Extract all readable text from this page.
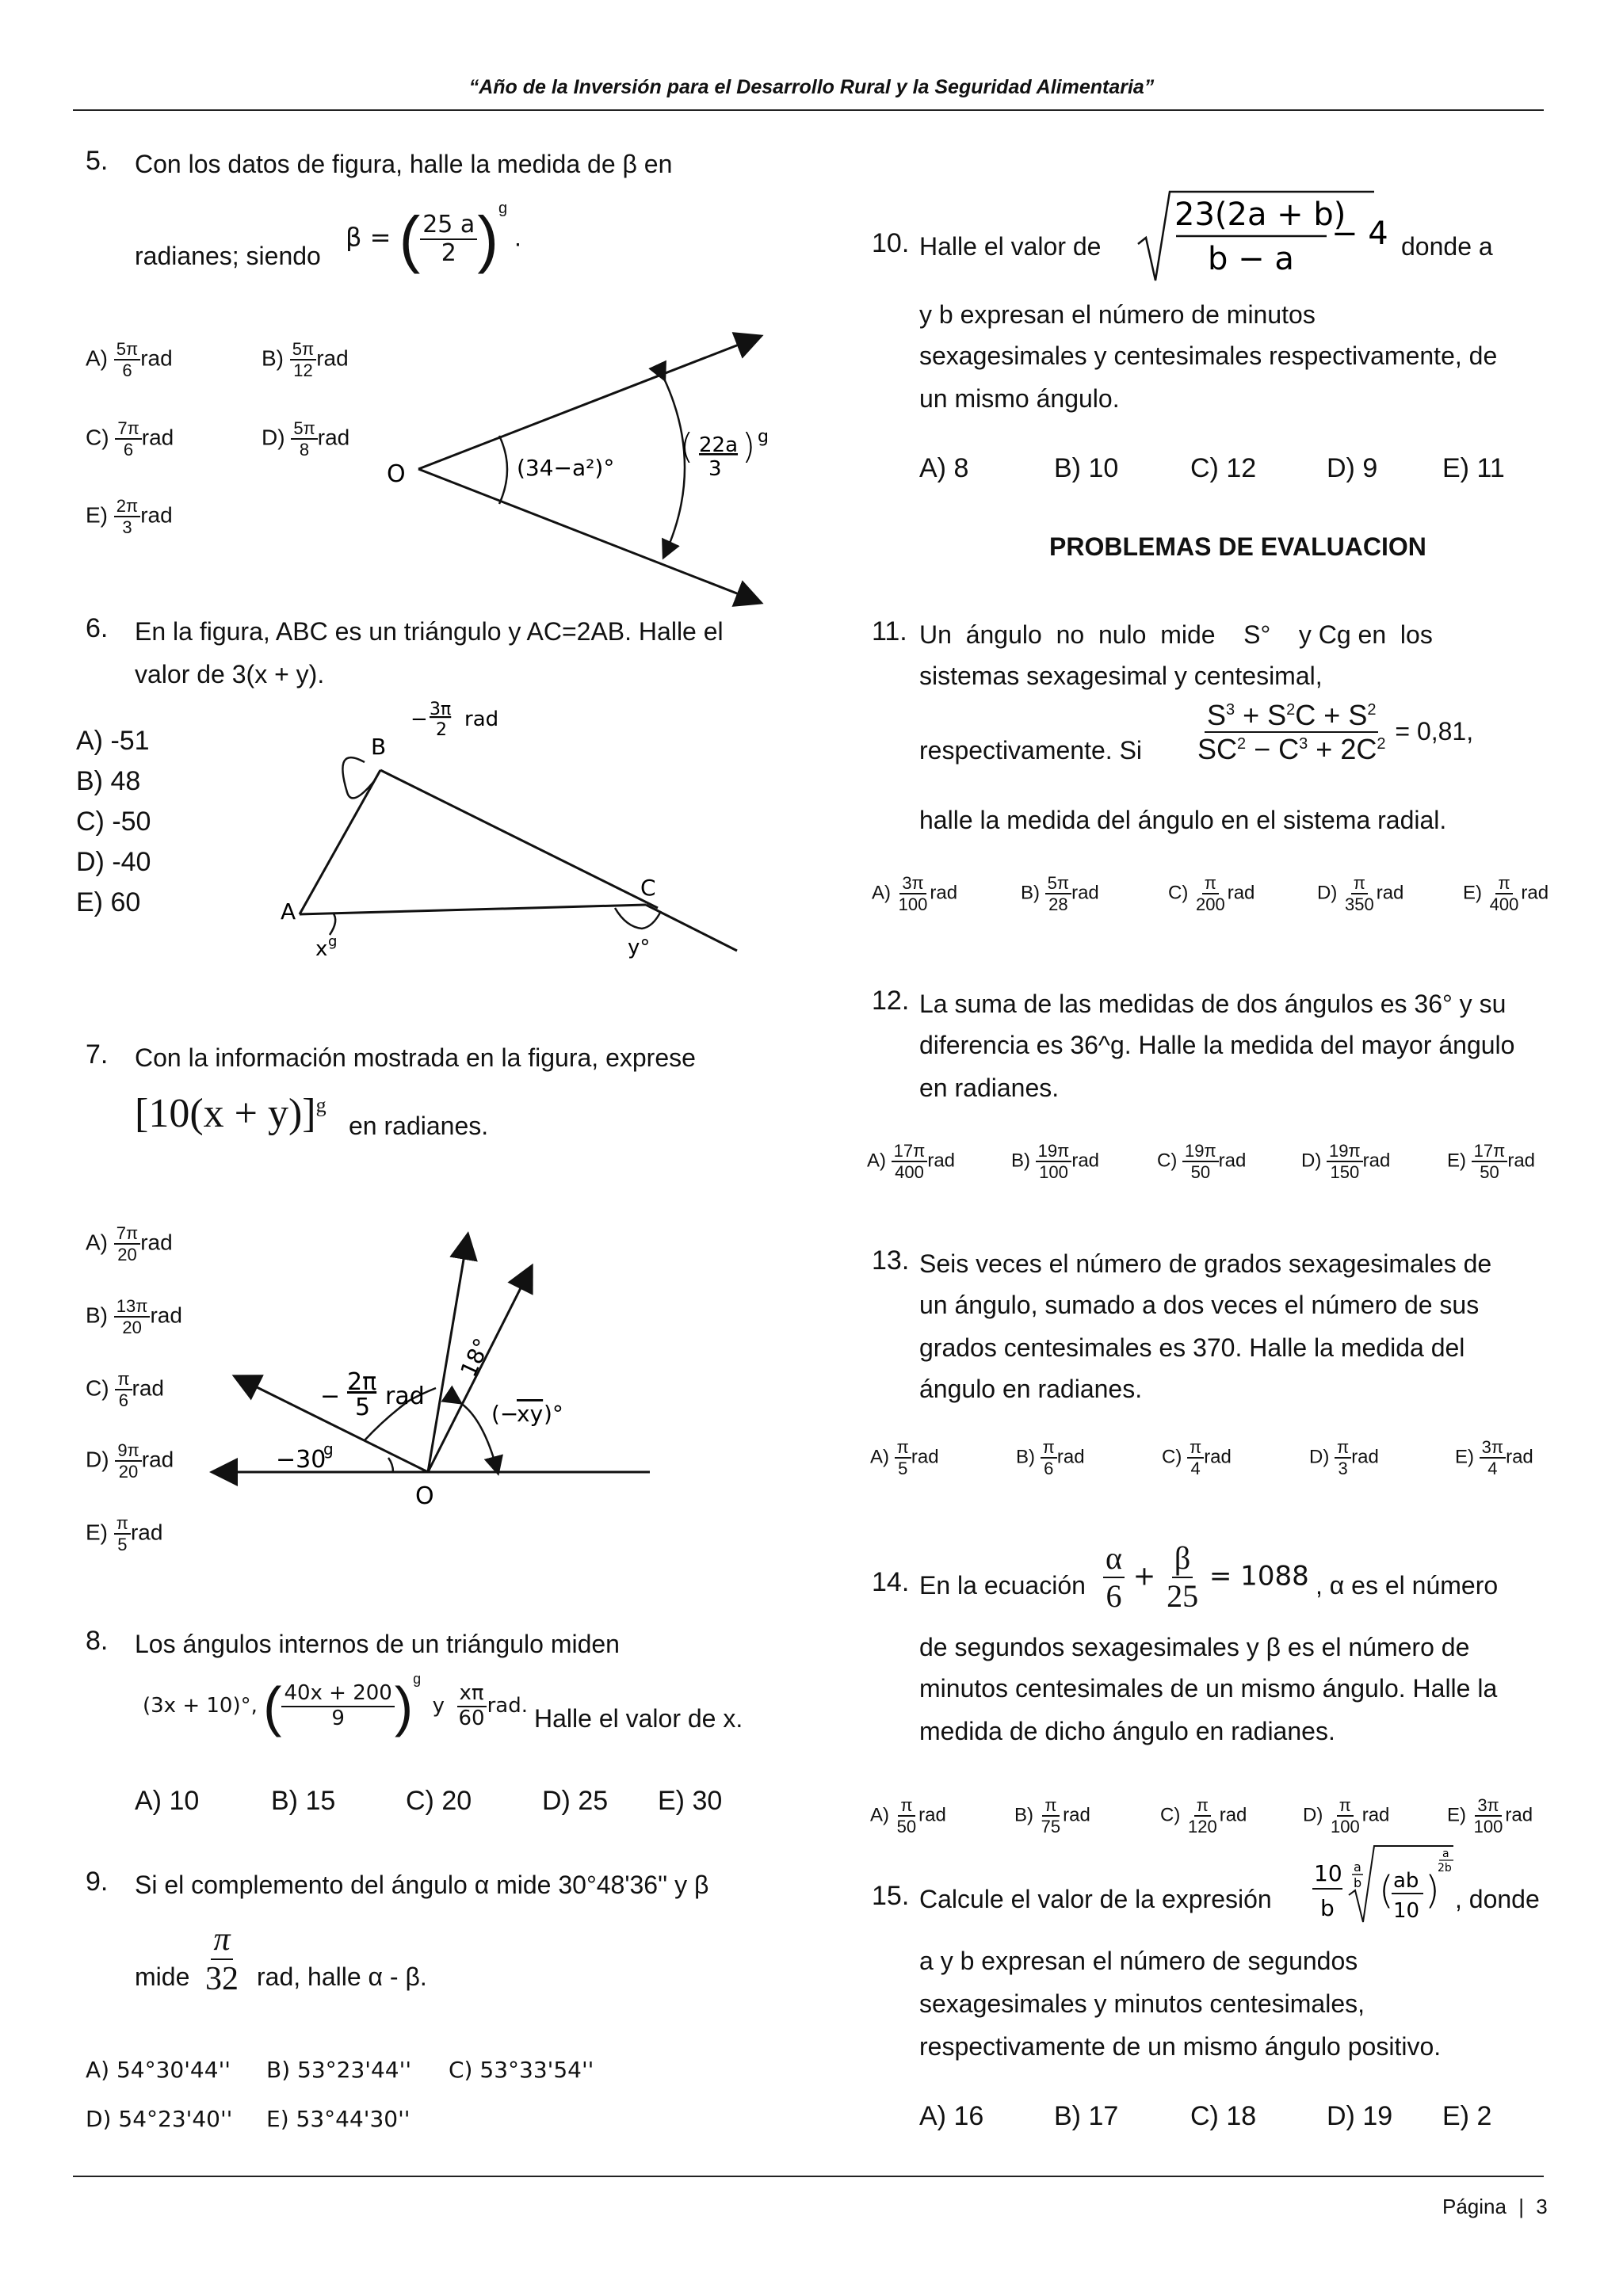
“Año de la Inversión para el Desarrollo Rural y la Seguridad Alimentaria”
5. Con los datos de figura, halle la medida de β en
radianes; siendo
β = ( $\frac{25 a}{2} )^g$ .
$A) \frac{5\pi}{6}$ rad	$B) \frac{5\pi}{12}$ rad
$C) \frac{7\pi}{6}$ rad	$D) \frac{5\pi}{8}$ rad
$E) \frac{2\pi}{3}$ rad
O	(34−a²)°
( 22a
3
) g
6. En la figura, ABC es un triángulo y AC=2AB. Halle el valor de 3(x + y).
A) -51
B) 48
C) -50
D) -40
E) 60
B
A
C
− 3π
2 rad
x g	y°
7. Con la información mostrada en la figura, exprese
$[10(x + y)]^g$
en radianes.
$A) \frac{7\pi}{20}$ rad
$B) \frac{13\pi}{20}$ rad
$C) \frac{\pi}{6}$ rad
$D) \frac{9\pi}{20}$ rad
$E) \frac{\pi}{5}$ rad
O
−
2π
5 rad
−30
g
18°
(−
xy )°
8. Los ángulos internos de un triángulo miden
(3x + 10)°, ( $\frac{40x + 200}{9} )^g$  y $\frac{x\pi}{60}$ rad. Halle el valor de x.
A) 10	B) 15	C) 20	D) 25 E) 30
9. Si el complemento del ángulo α mide 30°48'36'' y β
mide $\frac{\pi}{32}$ rad, halle α - β.
A) 54°30'44'' B) 53°23'44'' C) 53°33'54''
D) 54°23'40'' E) 53°44'30''
10. Halle el valor de
23(2a + b)
b − a
− 4 donde a
y b expresan el número de minutos
sexagesimales y centesimales respectivamente, de
un mismo ángulo.
A) 8	B) 10	C) 12	D) 9 E) 11
PROBLEMAS DE EVALUACION
11. Un  ángulo  no  nulo  mide    S°    y Cg en  los
sistemas sexagesimal y centesimal,
respectivamente. Si $\frac{S^3 + S^2C + S^2}{SC^2 - C^3 + 2C^2} = 0,81$,
halle la medida del ángulo en el sistema radial.
$A) \frac{3\pi}{100}$ rad	$B) \frac{5\pi}{28}$ rad	$C) \frac{\pi}{200}$ rad	$D) \frac{\pi}{350}$ rad	$E) \frac{\pi}{400}$ rad
12. La suma de las medidas de dos ángulos es 36° y su
diferencia es 36^g. Halle la medida del mayor ángulo
en radianes.
$A) \frac{17\pi}{400}$ rad	$B) \frac{19\pi}{100}$ rad	$C) \frac{19\pi}{50}$ rad	$D) \frac{19\pi}{150}$ rad	$E) \frac{17\pi}{50}$ rad
13. Seis veces el número de grados sexagesimales de
un ángulo, sumado a dos veces el número de sus
grados centesimales es 370. Halle la medida del
ángulo en radianes.
$A) \frac{\pi}{5}$ rad	$B) \frac{\pi}{6}$ rad	$C) \frac{\pi}{4}$ rad	$D) \frac{\pi}{3}$ rad	$E) \frac{3\pi}{4}$ rad
14. En la ecuación $\frac{\alpha}{6} + \frac{\beta}{25} = 1088$ , α es el número
de segundos sexagesimales y β es el número de
minutos centesimales de un mismo ángulo. Halle la
medida de dicho ángulo en radianes.
$A) \frac{\pi}{50}$ rad	$B) \frac{\pi}{75}$ rad	$C) \frac{\pi}{120}$ rad	$D) \frac{\pi}{100}$ rad	$E) \frac{3\pi}{100}$ rad
15. Calcule el valor de la expresión
10
b
a
b ( ab
10 )
a
2b
, donde
a y b expresan el número de segundos
sexagesimales y minutos centesimales,
respectivamente de un mismo ángulo positivo.
A) 16	B) 17	C) 18	D) 19 E) 2
Página | 3
